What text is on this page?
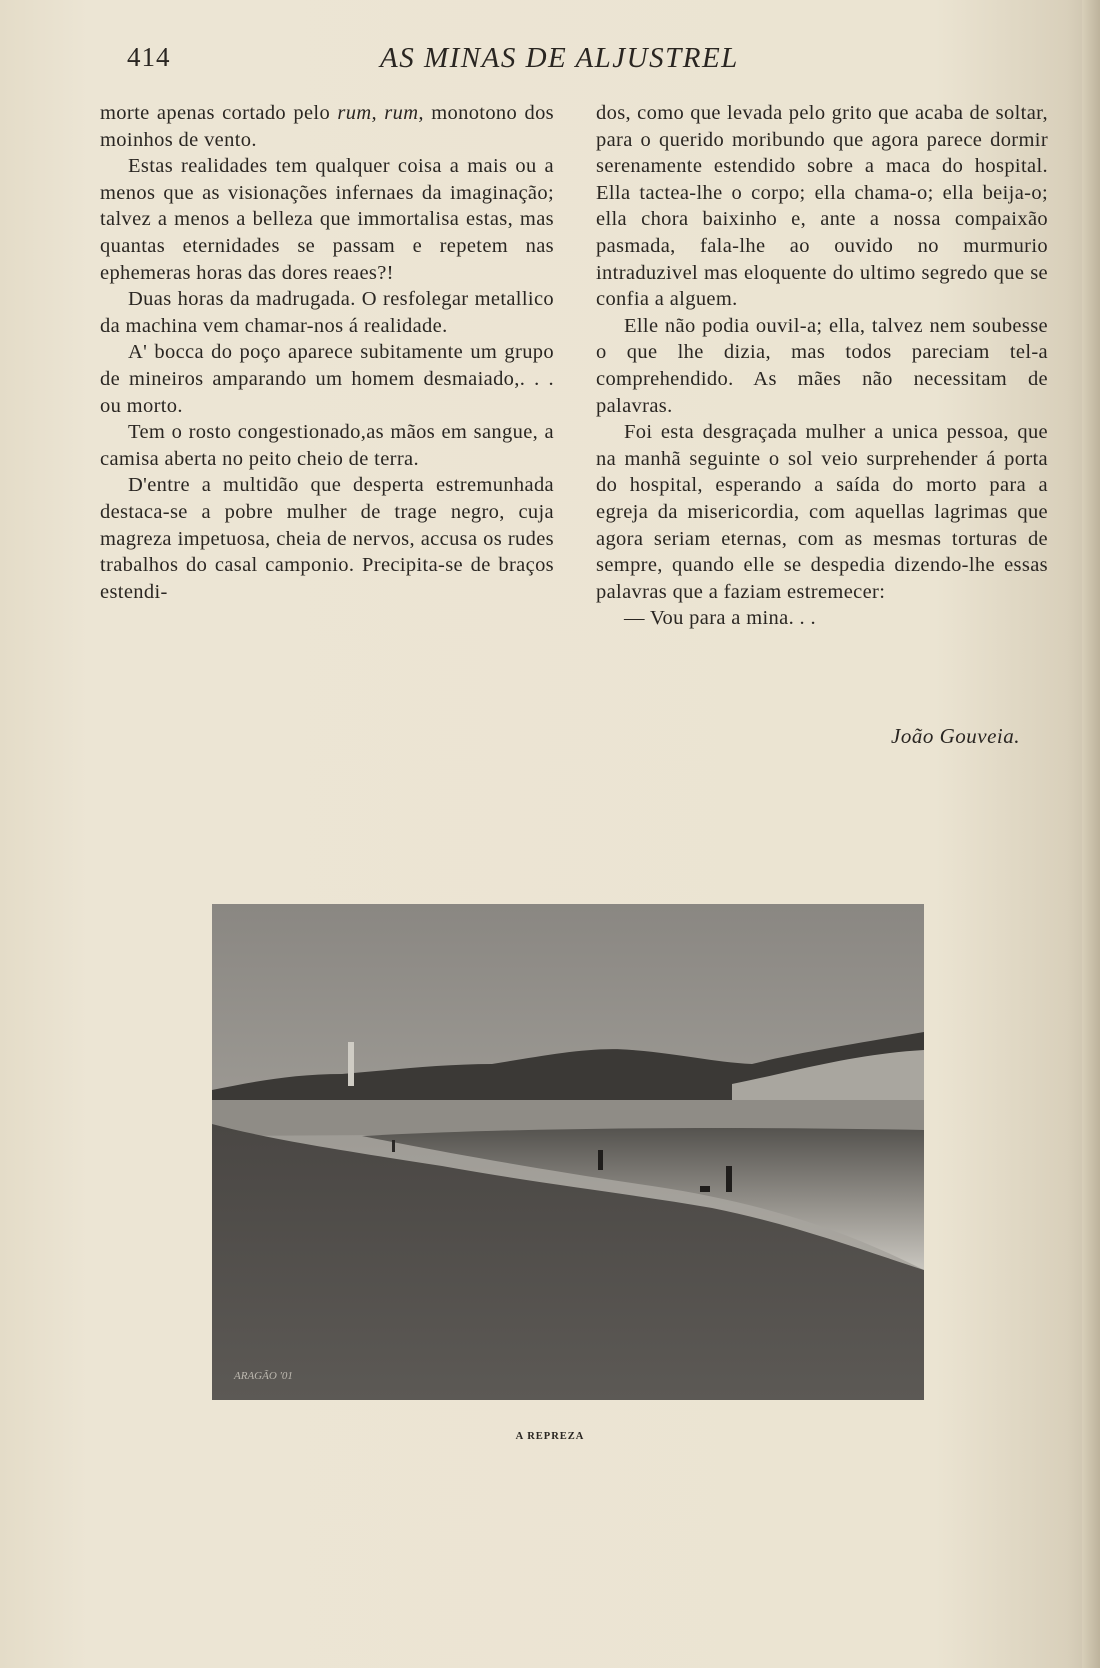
414	AS MINAS DE ALJUSTREL

morte apenas cortado pelo rum, rum, monotono dos moinhos de vento.

Estas realidades tem qualquer coisa a mais ou a menos que as visionações infernaes da imaginação; talvez a menos a belleza que immortalisa estas, mas quantas eternidades se passam e repetem nas ephemeras horas das dores reaes?!

Duas horas da madrugada. O resfolegar metallico da machina vem chamar-nos á realidade.

A' bocca do poço aparece subitamente um grupo de mineiros amparando um homem desmaiado,. . . ou morto.

Tem o rosto congestionado,as mãos em sangue, a camisa aberta no peito cheio de terra.

D'entre a multidão que desperta estremunhada destaca-se a pobre mulher de trage negro, cuja magreza impetuosa, cheia de nervos, accusa os rudes trabalhos do casal camponio. Precipita-se de braços estendi-

dos, como que levada pelo grito que acaba de soltar, para o querido moribundo que agora parece dormir serenamente estendido sobre a maca do hospital. Ella tactea-lhe o corpo; ella chama-o; ella beija-o; ella chora baixinho e, ante a nossa compaixão pasmada, fala-lhe ao ouvido no murmurio intraduzivel mas eloquente do ultimo segredo que se confia a alguem.

Elle não podia ouvil-a; ella, talvez nem soubesse o que lhe dizia, mas todos pareciam tel-a comprehendido. As mães não necessitam de palavras.

Foi esta desgraçada mulher a unica pessoa, que na manhã seguinte o sol veio surprehender á porta do hospital, esperando a saída do morto para a egreja da misericordia, com aquellas lagrimas que agora seriam eternas, com as mesmas torturas de sempre, quando elle se despedia dizendo-lhe essas palavras que a faziam estremecer:

— Vou para a mina. . .

João Gouveia.
ARAGÃO '01
A REPREZA
